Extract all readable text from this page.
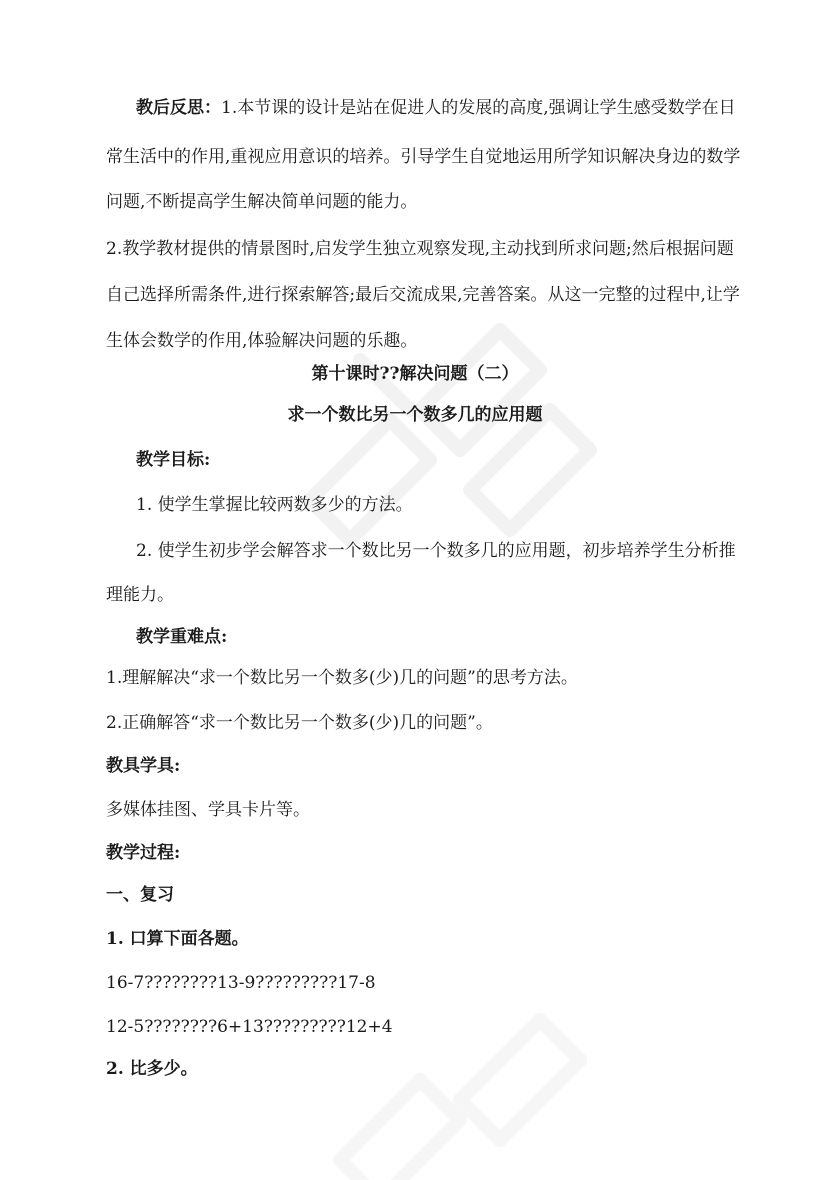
教后反思：1.本节课的设计是站在促进人的发展的高度,强调让学生感受数学在日
常生活中的作用,重视应用意识的培养。引导学生自觉地运用所学知识解决身边的数学
问题,不断提高学生解决简单问题的能力。
2.教学教材提供的情景图时,启发学生独立观察发现,主动找到所求问题;然后根据问题
自己选择所需条件,进行探索解答;最后交流成果,完善答案。从这一完整的过程中,让学
生体会数学的作用,体验解决问题的乐趣。
第十课时??解决问题（二）
求一个数比另一个数多几的应用题
教学目标:
1. 使学生掌握比较两数多少的方法。
2. 使学生初步学会解答求一个数比另一个数多几的应用题，初步培养学生分析推
理能力。
教学重难点:
1.理解解决“求一个数比另一个数多(少)几的问题”的思考方法。
2.正确解答“求一个数比另一个数多(少)几的问题”。
教具学具:
多媒体挂图、学具卡片等。
教学过程:
一、复习
1. 口算下面各题。
16-7????????13-9?????????17-8
12-5????????6+13?????????12+4
2. 比多少。
